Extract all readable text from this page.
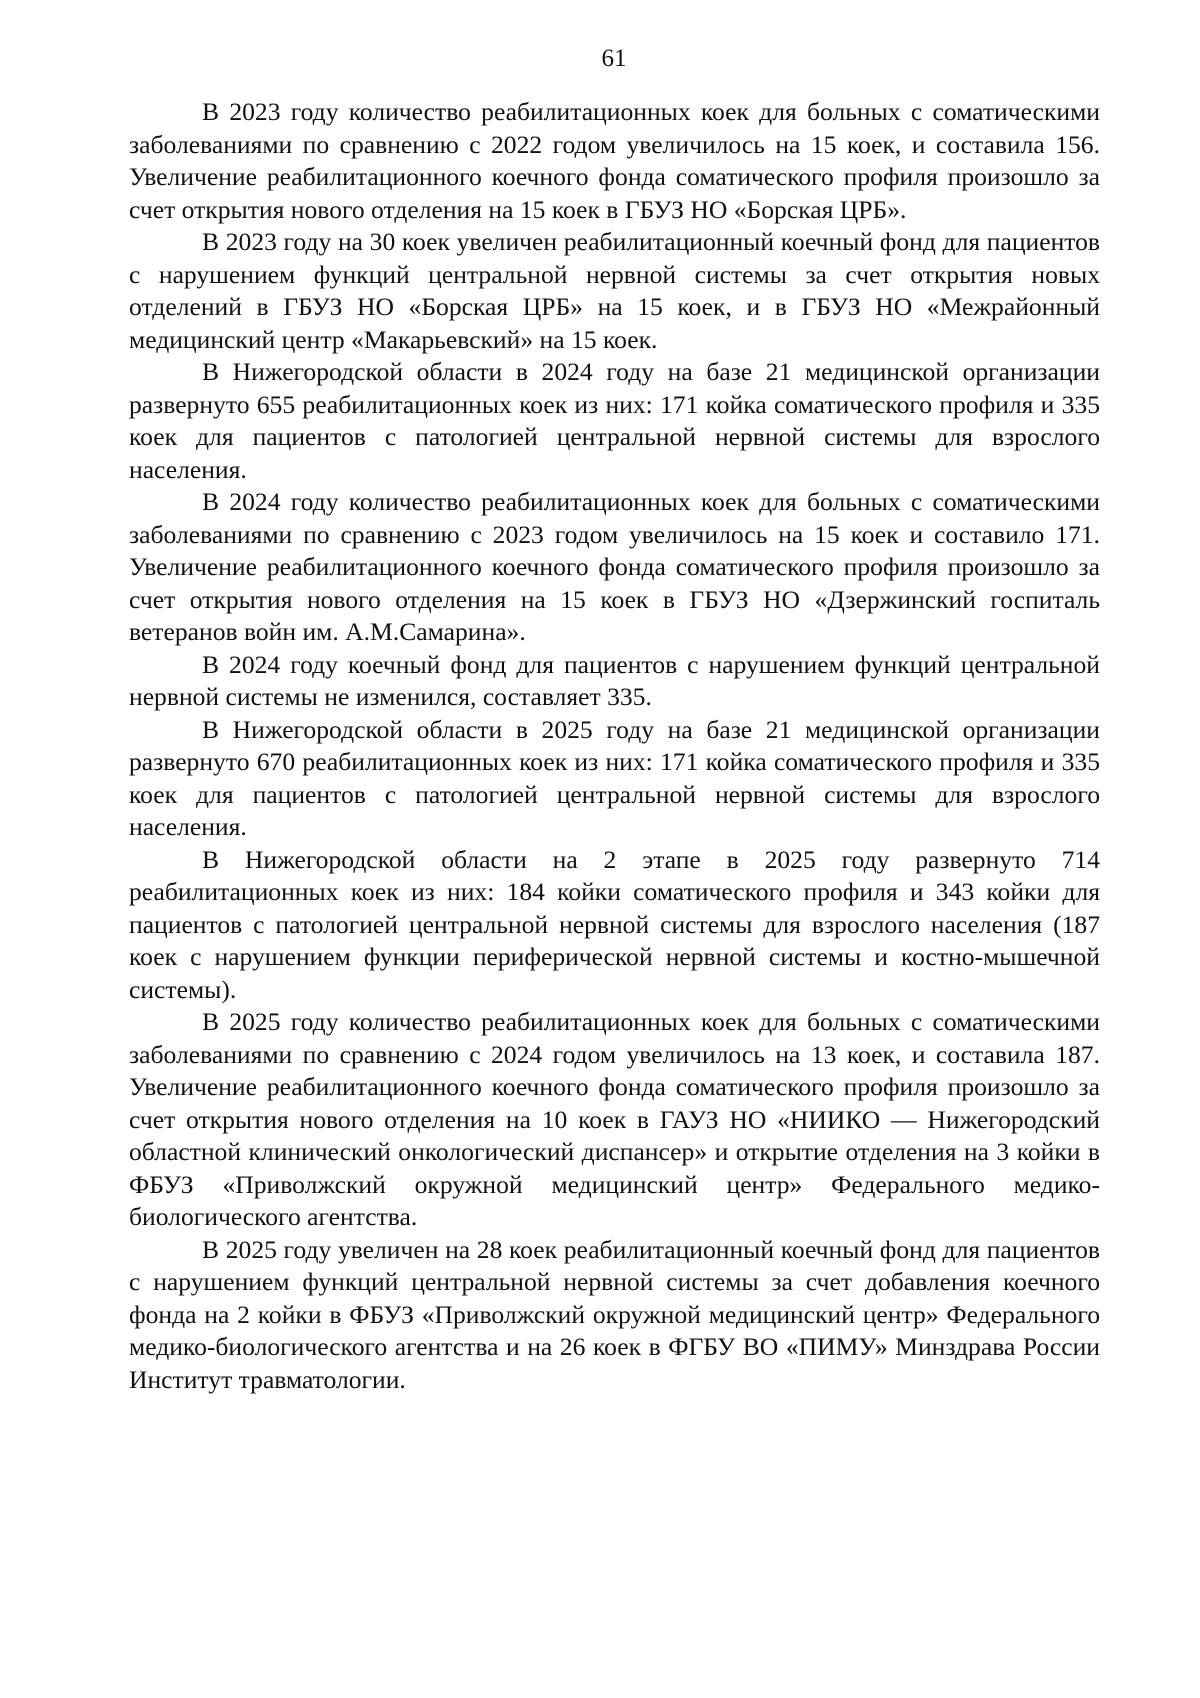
61

В 2023 году количество реабилитационных коек для больных с соматическими заболеваниями по сравнению с 2022 годом увеличилось на 15 коек, и составила 156. Увеличение реабилитационного коечного фонда соматического профиля произошло за счет открытия нового отделения на 15 коек в ГБУЗ НО «Борская ЦРБ».

В 2023 году на 30 коек увеличен реабилитационный коечный фонд для пациентов с нарушением функций центральной нервной системы за счет открытия новых отделений в ГБУЗ НО «Борская ЦРБ» на 15 коек, и в ГБУЗ НО «Межрайонный медицинский центр «Макарьевский» на 15 коек.

В Нижегородской области в 2024 году на базе 21 медицинской организации развернуто 655 реабилитационных коек из них: 171 койка соматического профиля и 335 коек для пациентов с патологией центральной нервной системы для взрослого населения.

В 2024 году количество реабилитационных коек для больных с соматическими заболеваниями по сравнению с 2023 годом увеличилось на 15 коек и составило 171. Увеличение реабилитационного коечного фонда соматического профиля произошло за счет открытия нового отделения на 15 коек в ГБУЗ НО «Дзержинский госпиталь ветеранов войн им. А.М.Самарина».

В 2024 году коечный фонд для пациентов с нарушением функций центральной нервной системы не изменился, составляет 335.

В Нижегородской области в 2025 году на базе 21 медицинской организации развернуто 670 реабилитационных коек из них: 171 койка соматического профиля и 335 коек для пациентов с патологией центральной нервной системы для взрослого населения.

В Нижегородской области на 2 этапе в 2025 году развернуто 714 реабилитационных коек из них: 184 койки соматического профиля и 343 койки для пациентов с патологией центральной нервной системы для взрослого населения (187 коек с нарушением функции периферической нервной системы и костно-мышечной системы).

В 2025 году количество реабилитационных коек для больных с соматическими заболеваниями по сравнению с 2024 годом увеличилось на 13 коек, и составила 187. Увеличение реабилитационного коечного фонда соматического профиля произошло за счет открытия нового отделения на 10 коек в ГАУЗ НО «НИИКО — Нижегородский областной клинический онкологический диспансер» и открытие отделения на 3 койки в ФБУЗ «Приволжский окружной медицинский центр» Федерального медико-биологического агентства.

В 2025 году увеличен на 28 коек реабилитационный коечный фонд для пациентов с нарушением функций центральной нервной системы за счет добавления коечного фонда на 2 койки в ФБУЗ «Приволжский окружной медицинский центр» Федерального медико-биологического агентства и на 26 коек в ФГБУ ВО «ПИМУ» Минздрава России Институт травматологии.
